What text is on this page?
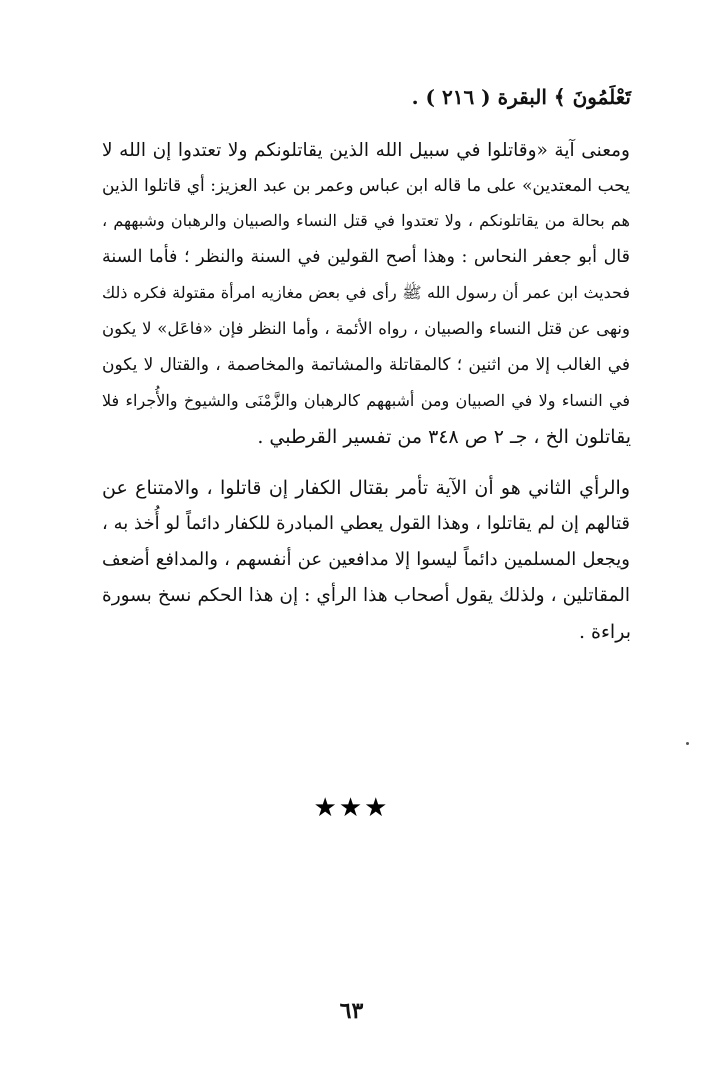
تَعْلَمُونَ ﴾ البقرة ( ٢١٦ ) .
ومعنى آية «وقاتلوا في سبيل الله الذين يقاتلونكم ولا تعتدوا إن الله لا
يحب المعتدين» على ما قاله ابن عباس وعمر بن عبد العزيز: أي قاتلوا الذين
هم بحالة من يقاتلونكم ، ولا تعتدوا في قتل النساء والصبيان والرهبان وشبههم ،
قال أبو جعفر النحاس : وهذا أصح القولين في السنة والنظر ؛ فأما السنة
فحديث ابن عمر أن رسول الله ﷺ رأى في بعض مغازيه امرأة مقتولة فكره ذلك
ونهى عن قتل النساء والصبيان ، رواه الأئمة ، وأما النظر فإن «فاعَل» لا يكون
في الغالب إلا من اثنين ؛ كالمقاتلة والمشاتمة والمخاصمة ، والقتال لا يكون
في النساء ولا في الصبيان ومن أشبههم كالرهبان والزَّمْنَى والشيوخ والأُجراء فلا
يقاتلون الخ ، جـ ٢ ص ٣٤٨ من تفسير القرطبي .
والرأي الثاني هو أن الآية تأمر بقتال الكفار إن قاتلوا ، والامتناع عن
قتالهم إن لم يقاتلوا ، وهذا القول يعطي المبادرة للكفار دائماً لو أُخذ به ،
ويجعل المسلمين دائماً ليسوا إلا مدافعين عن أنفسهم ، والمدافع أضعف
المقاتلين ، ولذلك يقول أصحاب هذا الرأي : إن هذا الحكم نسخ بسورة
براءة .
★★★
٦٣
